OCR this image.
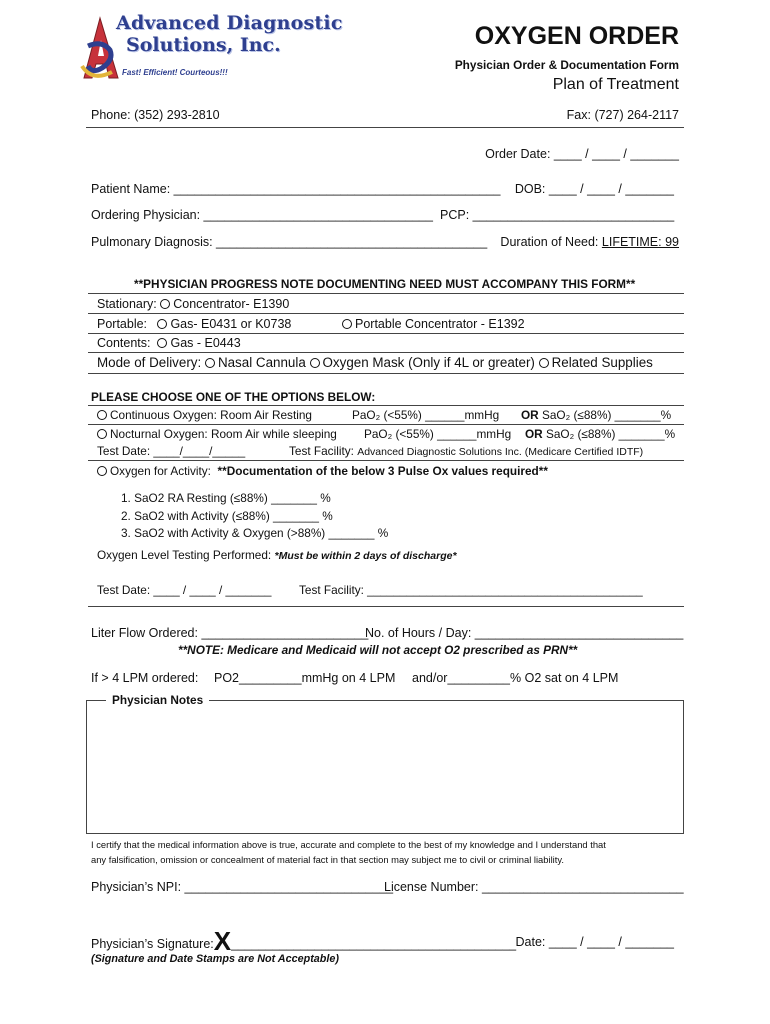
Advanced Diagnostic
Solutions, Inc.
Fast! Efficient! Courteous!!!
OXYGEN ORDER
Physician Order & Documentation Form
Plan of Treatment
Phone: (352) 293-2810	Fax: (727) 264-2117
Order Date: ____ / ____ / _______
Patient Name: _______________________________________________ DOB: ____ / ____ / _______
Ordering Physician: _________________________________ PCP: _____________________________
Pulmonary Diagnosis: _______________________________________ Duration of Need: LIFETIME: 99
**PHYSICIAN PROGRESS NOTE DOCUMENTING NEED MUST ACCOMPANY THIS FORM**
Stationary: Concentrator- E1390
Portable: Gas- E0431 or K0738	Portable Concentrator - E1392
Contents: Gas - E0443
Mode of Delivery: Nasal Cannula Oxygen Mask (Only if 4L or greater) Related Supplies
PLEASE CHOOSE ONE OF THE OPTIONS BELOW:
Continuous Oxygen: Room Air Resting	PaO₂ (<55%) ______mmHg OR SaO₂ (≤88%) _______%
Nocturnal Oxygen: Room Air while sleeping PaO₂ (<55%) ______mmHg OR SaO₂ (≤88%) _______%
Test Date: ____/____/_____	Test Facility: Advanced Diagnostic Solutions Inc. (Medicare Certified IDTF)
Oxygen for Activity: **Documentation of the below 3 Pulse Ox values required**
1. SaO2 RA Resting (≤88%) _______ %
2. SaO2 with Activity (≤88%) _______ %
3. SaO2 with Activity & Oxygen (>88%) _______ %
Oxygen Level Testing Performed: *Must be within 2 days of discharge*
Test Date: ____ / ____ / _______ Test Facility: __________________________________________
Liter Flow Ordered: ________________________
No. of Hours / Day: ______________________________
**NOTE: Medicare and Medicaid will not accept O2 prescribed as PRN**
If > 4 LPM ordered: PO2_________mmHg on 4 LPM and/or_________% O2 sat on 4 LPM
Physician Notes
I certify that the medical information above is true, accurate and complete to the best of my knowledge and I understand that
any falsification, omission or concealment of material fact in that section may subject me to civil or criminal liability.
Physician’s NPI: ______________________________
License Number: _____________________________
Physician’s Signature:X_________________________________________ Date: ____ / ____ / _______
(Signature and Date Stamps are Not Acceptable)
